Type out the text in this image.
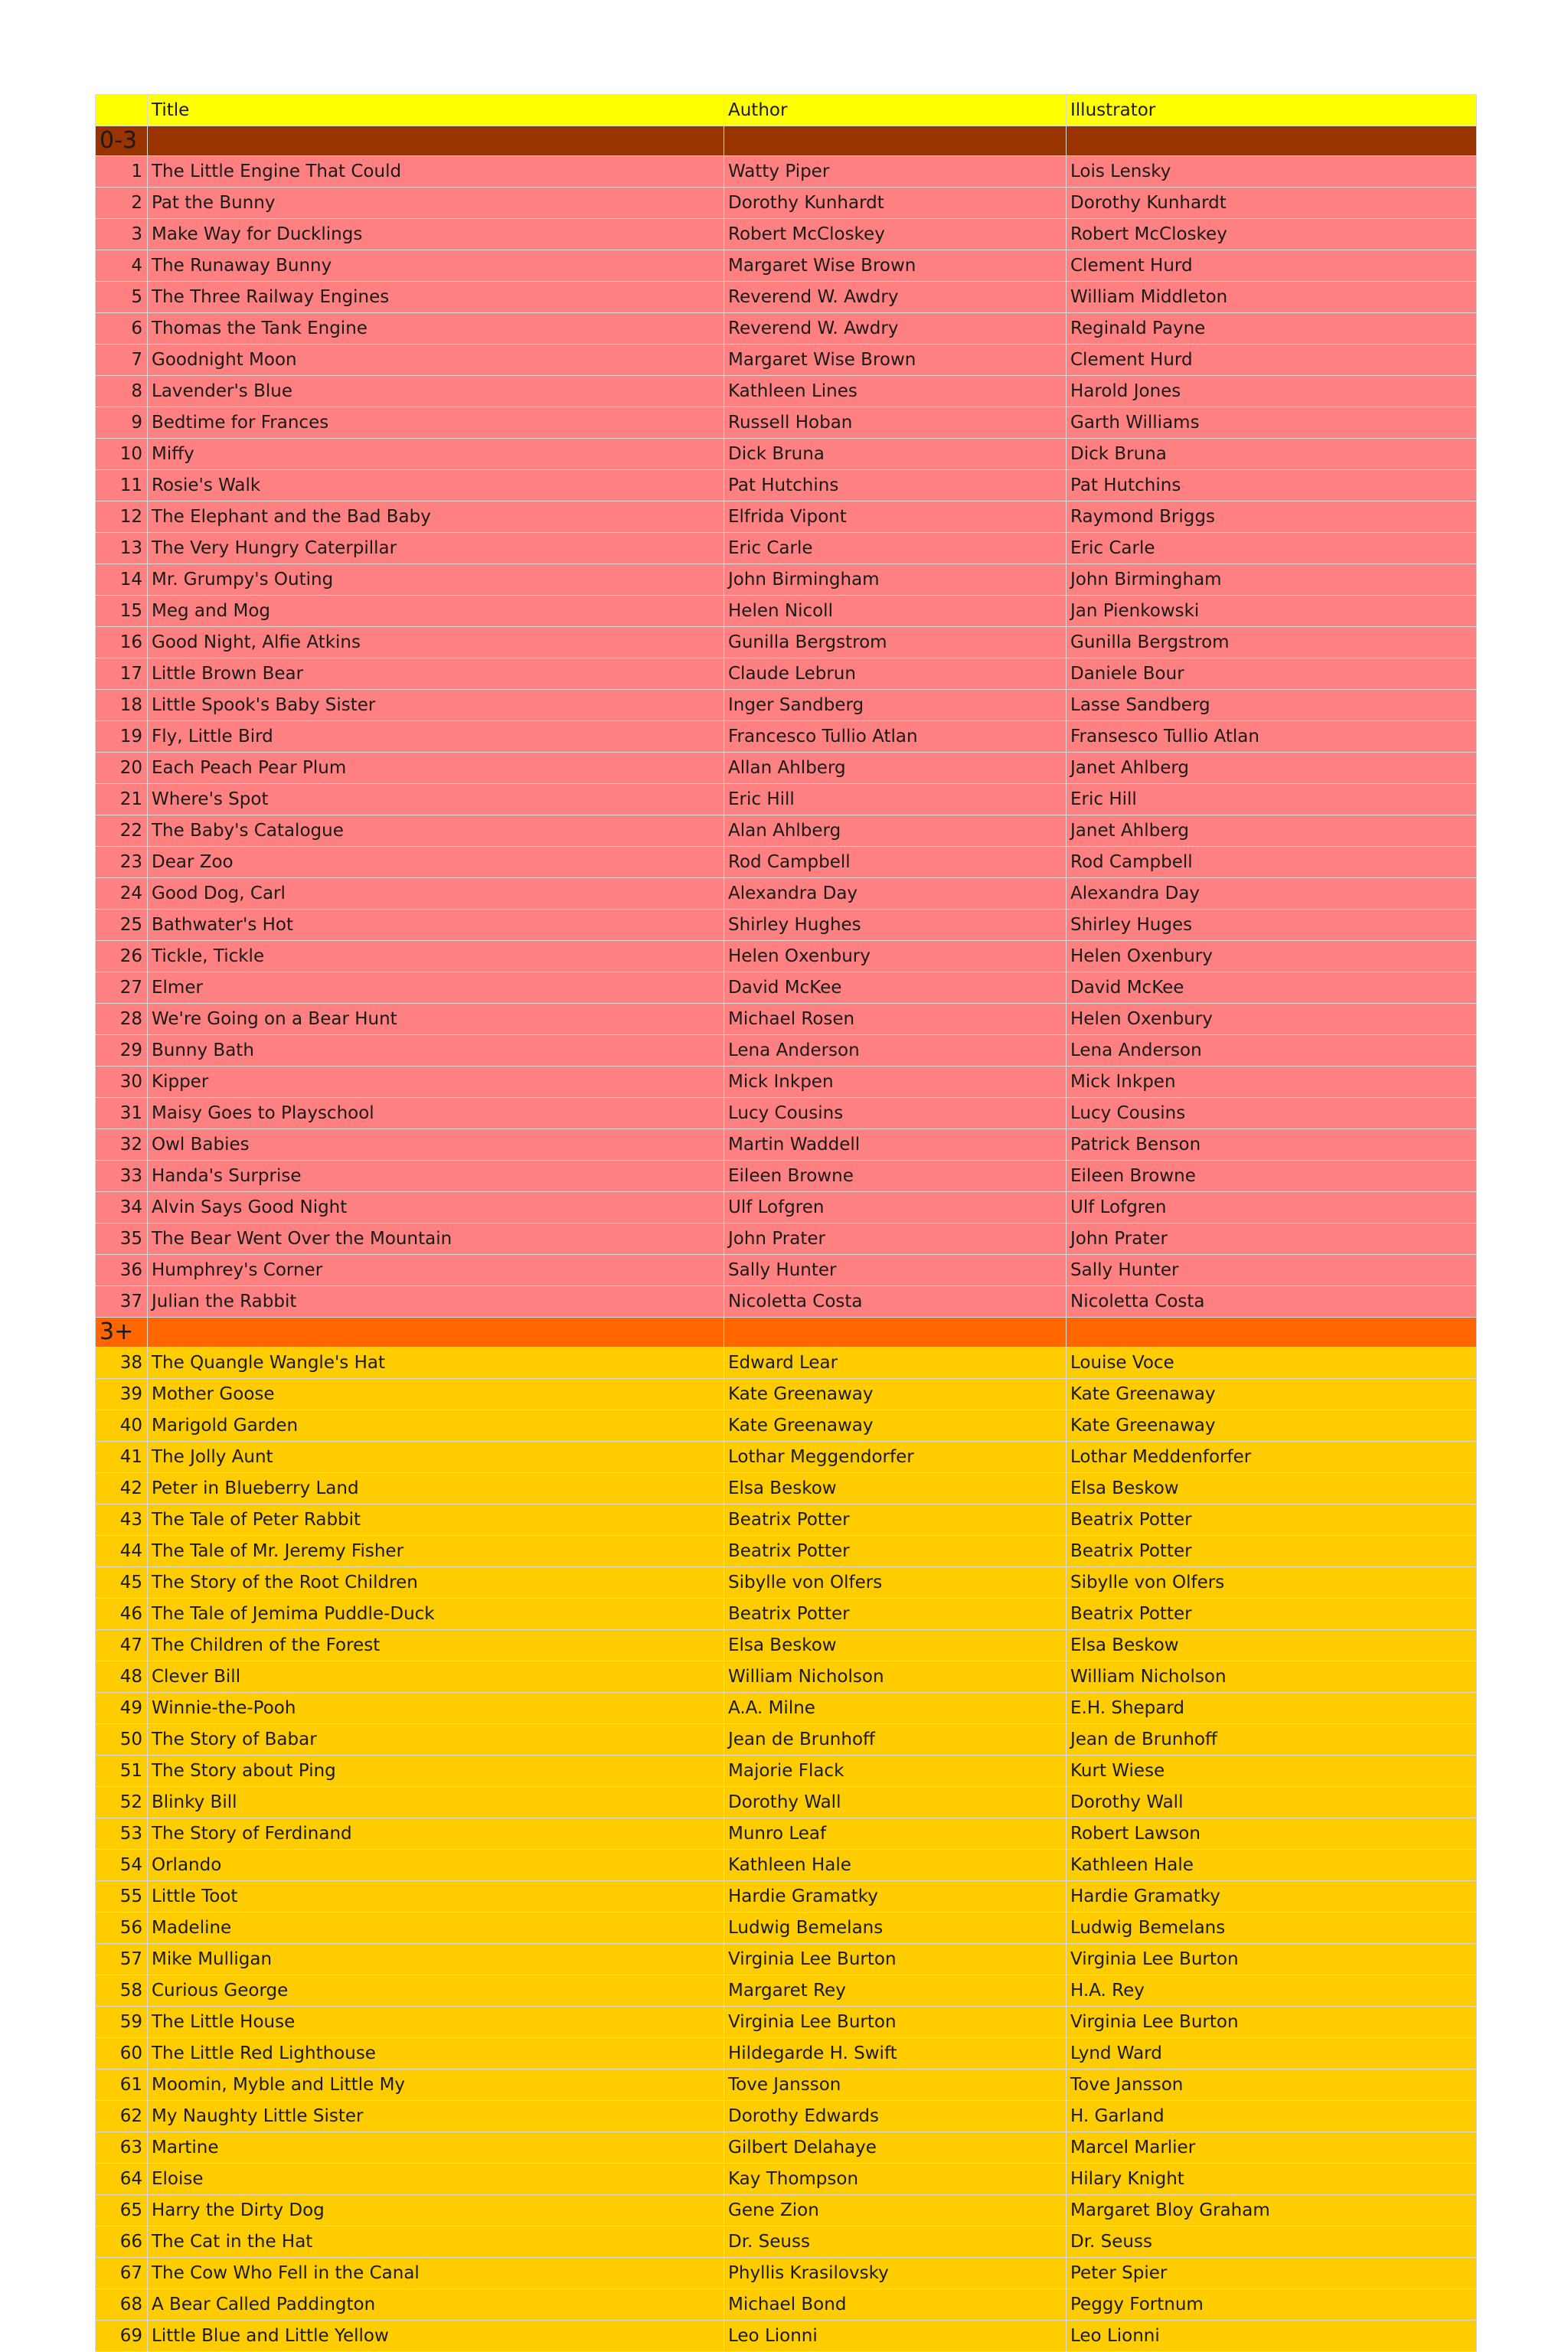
	Title	Author	Illustrator
0-3			
1	The Little Engine That Could	Watty Piper	Lois Lensky
2	Pat the Bunny	Dorothy Kunhardt	Dorothy Kunhardt
3	Make Way for Ducklings	Robert McCloskey	Robert McCloskey
4	The Runaway Bunny	Margaret Wise Brown	Clement Hurd
5	The Three Railway Engines	Reverend W. Awdry	William Middleton
6	Thomas the Tank Engine	Reverend W. Awdry	Reginald Payne
7	Goodnight Moon	Margaret Wise Brown	Clement Hurd
8	Lavender's Blue	Kathleen Lines	Harold Jones
9	Bedtime for Frances	Russell Hoban	Garth Williams
10	Miffy	Dick Bruna	Dick Bruna
11	Rosie's Walk	Pat Hutchins	Pat Hutchins
12	The Elephant and the Bad Baby	Elfrida Vipont	Raymond Briggs
13	The Very Hungry Caterpillar	Eric Carle	Eric Carle
14	Mr. Grumpy's Outing	John Birmingham	John Birmingham
15	Meg and Mog	Helen Nicoll	Jan Pienkowski
16	Good Night, Alfie Atkins	Gunilla Bergstrom	Gunilla Bergstrom
17	Little Brown Bear	Claude Lebrun	Daniele Bour
18	Little Spook's Baby Sister	Inger Sandberg	Lasse Sandberg
19	Fly, Little Bird	Francesco Tullio Atlan	Fransesco Tullio Atlan
20	Each Peach Pear Plum	Allan Ahlberg	Janet Ahlberg
21	Where's Spot	Eric Hill	Eric Hill
22	The Baby's Catalogue	Alan Ahlberg	Janet Ahlberg
23	Dear Zoo	Rod Campbell	Rod Campbell
24	Good Dog, Carl	Alexandra Day	Alexandra Day
25	Bathwater's Hot	Shirley Hughes	Shirley Huges
26	Tickle, Tickle	Helen Oxenbury	Helen Oxenbury
27	Elmer	David McKee	David McKee
28	We're Going on a Bear Hunt	Michael Rosen	Helen Oxenbury
29	Bunny Bath	Lena Anderson	Lena Anderson
30	Kipper	Mick Inkpen	Mick Inkpen
31	Maisy Goes to Playschool	Lucy Cousins	Lucy Cousins
32	Owl Babies	Martin Waddell	Patrick Benson
33	Handa's Surprise	Eileen Browne	Eileen Browne
34	Alvin Says Good Night	Ulf Lofgren	Ulf Lofgren
35	The Bear Went Over the Mountain	John Prater	John Prater
36	Humphrey's Corner	Sally Hunter	Sally Hunter
37	Julian the Rabbit	Nicoletta Costa	Nicoletta Costa
3+			
38	The Quangle Wangle's Hat	Edward Lear	Louise Voce
39	Mother Goose	Kate Greenaway	Kate Greenaway
40	Marigold Garden	Kate Greenaway	Kate Greenaway
41	The Jolly Aunt	Lothar Meggendorfer	Lothar Meddenforfer
42	Peter in Blueberry Land	Elsa Beskow	Elsa Beskow
43	The Tale of Peter Rabbit	Beatrix Potter	Beatrix Potter
44	The Tale of Mr. Jeremy Fisher	Beatrix Potter	Beatrix Potter
45	The Story of the Root Children	Sibylle von Olfers	Sibylle von Olfers
46	The Tale of Jemima Puddle-Duck	Beatrix Potter	Beatrix Potter
47	The Children of the Forest	Elsa Beskow	Elsa Beskow
48	Clever Bill	William Nicholson	William Nicholson
49	Winnie-the-Pooh	A.A. Milne	E.H. Shepard
50	The Story of Babar	Jean de Brunhoff	Jean de Brunhoff
51	The Story about Ping	Majorie Flack	Kurt Wiese
52	Blinky Bill	Dorothy Wall	Dorothy Wall
53	The Story of Ferdinand	Munro Leaf	Robert Lawson
54	Orlando	Kathleen Hale	Kathleen Hale
55	Little Toot	Hardie Gramatky	Hardie Gramatky
56	Madeline	Ludwig Bemelans	Ludwig Bemelans
57	Mike Mulligan	Virginia Lee Burton	Virginia Lee Burton
58	Curious George	Margaret Rey	H.A. Rey
59	The Little House	Virginia Lee Burton	Virginia Lee Burton
60	The Little Red Lighthouse	Hildegarde H. Swift	Lynd Ward
61	Moomin, Myble and Little My	Tove Jansson	Tove Jansson
62	My Naughty Little Sister	Dorothy Edwards	H. Garland
63	Martine	Gilbert Delahaye	Marcel Marlier
64	Eloise	Kay Thompson	Hilary Knight
65	Harry the Dirty Dog	Gene Zion	Margaret Bloy Graham
66	The Cat in the Hat	Dr. Seuss	Dr. Seuss
67	The Cow Who Fell in the Canal	Phyllis Krasilovsky	Peter Spier
68	A Bear Called Paddington	Michael Bond	Peggy Fortnum
69	Little Blue and Little Yellow	Leo Lionni	Leo Lionni
